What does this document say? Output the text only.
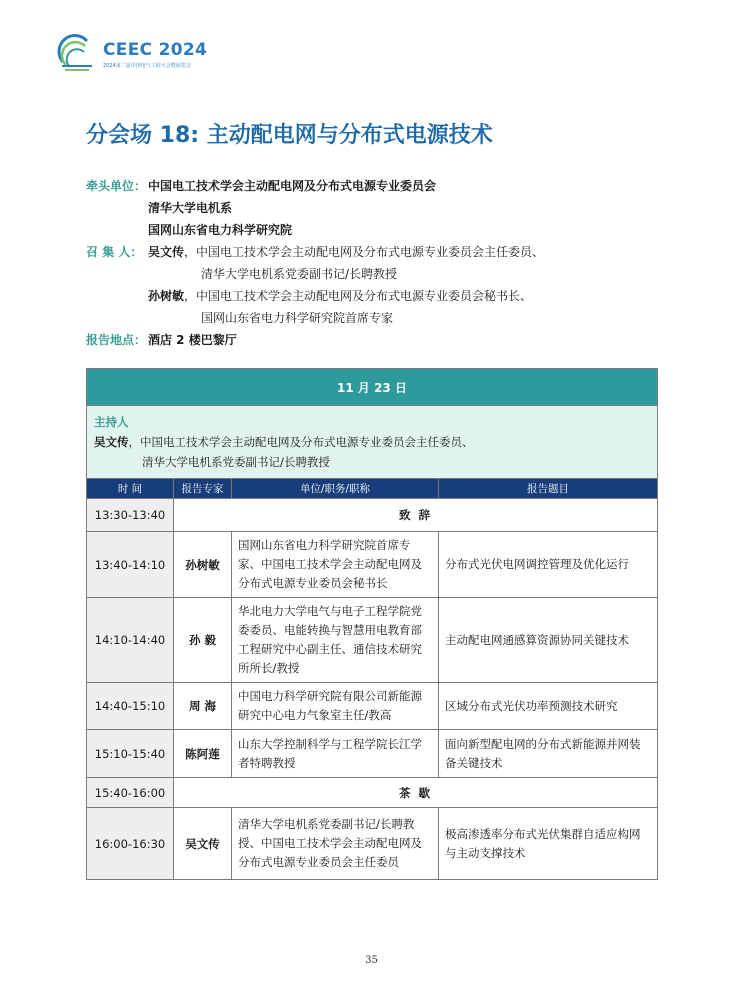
CEEC 2024
2024第二届中国电气工程大会暨展览会
分会场 18: 主动配电网与分布式电源技术
牵头单位： 中国电工技术学会主动配电网及分布式电源专业委员会
清华大学电机系
国网山东省电力科学研究院
召 集 人： 吴文传，中国电工技术学会主动配电网及分布式电源专业委员会主任委员、
清华大学电机系党委副书记/长聘教授
孙树敏，中国电工技术学会主动配电网及分布式电源专业委员会秘书长、
国网山东省电力科学研究院首席专家
报告地点： 酒店 2 楼巴黎厅
11 月 23 日			

主持人
吴文传，中国电工技术学会主动配电网及分布式电源专业委员会主任委员、
清华大学电机系党委副书记/长聘教授			

时 间	报告专家	单位/职务/职称	报告题目
13:30-13:40	致 辞		
13:40-14:10	孙树敏	国网山东省电力科学研究院首席专家、中国电工技术学会主动配电网及分布式电源专业委员会秘书长	分布式光伏电网调控管理及优化运行
14:10-14:40	孙 毅	华北电力大学电气与电子工程学院党委委员、电能转换与智慧用电教育部工程研究中心副主任、通信技术研究所所长/教授	主动配电网通感算资源协同关键技术
14:40-15:10	周 海	中国电力科学研究院有限公司新能源研究中心电力气象室主任/教高	区域分布式光伏功率预测技术研究
15:10-15:40	陈阿莲	山东大学控制科学与工程学院长江学者特聘教授	面向新型配电网的分布式新能源并网装备关键技术
15:40-16:00	茶 歇		
16:00-16:30	吴文传	清华大学电机系党委副书记/长聘教授、中国电工技术学会主动配电网及分布式电源专业委员会主任委员	极高渗透率分布式光伏集群自适应构网与主动支撑技术
35
